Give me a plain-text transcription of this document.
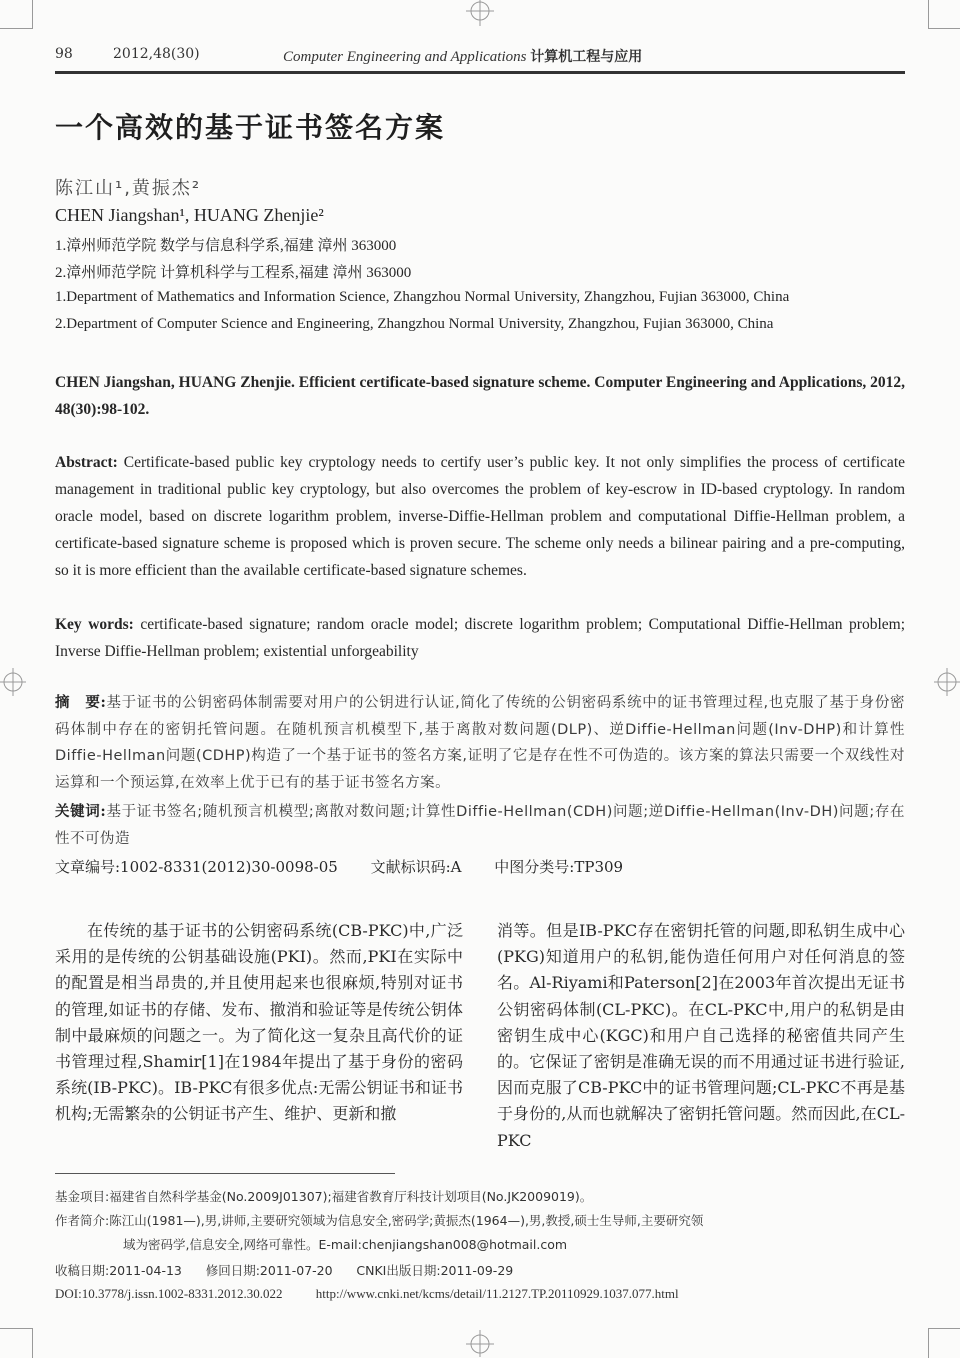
98	2012,48(30)	Computer Engineering and Applications 计算机工程与应用
一个高效的基于证书签名方案
陈江山¹,黄振杰²
CHEN Jiangshan¹, HUANG Zhenjie²
1.漳州师范学院 数学与信息科学系,福建 漳州 363000
2.漳州师范学院 计算机科学与工程系,福建 漳州 363000
1.Department of Mathematics and Information Science, Zhangzhou Normal University, Zhangzhou, Fujian 363000, China
2.Department of Computer Science and Engineering, Zhangzhou Normal University, Zhangzhou, Fujian 363000, China
CHEN Jiangshan, HUANG Zhenjie. Efficient certificate-based signature scheme. Computer Engineering and Applications, 2012, 48(30):98-102.
Abstract: Certificate-based public key cryptology needs to certify user’s public key. It not only simplifies the process of certificate management in traditional public key cryptology, but also overcomes the problem of key-escrow in ID-based cryptology. In random oracle model, based on discrete logarithm problem, inverse-Diffie-Hellman problem and computational Diffie-Hellman problem, a certificate-based signature scheme is proposed which is proven secure. The scheme only needs a bilinear pairing and a pre-computing, so it is more efficient than the available certificate-based signature schemes.
Key words: certificate-based signature; random oracle model; discrete logarithm problem; Computational Diffie-Hellman problem; Inverse Diffie-Hellman problem; existential unforgeability
摘　要:基于证书的公钥密码体制需要对用户的公钥进行认证,简化了传统的公钥密码系统中的证书管理过程,也克服了基于身份密码体制中存在的密钥托管问题。在随机预言机模型下,基于离散对数问题(DLP)、逆Diffie-Hellman问题(Inv-DHP)和计算性Diffie-Hellman问题(CDHP)构造了一个基于证书的签名方案,证明了它是存在性不可伪造的。该方案的算法只需要一个双线性对运算和一个预运算,在效率上优于已有的基于证书签名方案。
关键词:基于证书签名;随机预言机模型;离散对数问题;计算性Diffie-Hellman(CDH)问题;逆Diffie-Hellman(Inv-DH)问题;存在性不可伪造
文章编号:1002-8331(2012)30-0098-05 文献标识码:A 中图分类号:TP309
在传统的基于证书的公钥密码系统(CB-PKC)中,广泛采用的是传统的公钥基础设施(PKI)。然而,PKI在实际中的配置是相当昂贵的,并且使用起来也很麻烦,特别对证书的管理,如证书的存储、发布、撤消和验证等是传统公钥体制中最麻烦的问题之一。为了简化这一复杂且高代价的证书管理过程,Shamir[1]在1984年提出了基于身份的密码系统(IB-PKC)。IB-PKC有很多优点:无需公钥证书和证书机构;无需繁杂的公钥证书产生、维护、更新和撤
消等。但是IB-PKC存在密钥托管的问题,即私钥生成中心(PKG)知道用户的私钥,能伪造任何用户对任何消息的签名。Al-Riyami和Paterson[2]在2003年首次提出无证书公钥密码体制(CL-PKC)。在CL-PKC中,用户的私钥是由密钥生成中心(KGC)和用户自己选择的秘密值共同产生的。它保证了密钥是准确无误的而不用通过证书进行验证,因而克服了CB-PKC中的证书管理问题;CL-PKC不再是基于身份的,从而也就解决了密钥托管问题。然而因此,在CL-PKC
基金项目:福建省自然科学基金(No.2009J01307);福建省教育厅科技计划项目(No.JK2009019)。
作者简介:陈江山(1981—),男,讲师,主要研究领域为信息安全,密码学;黄振杰(1964—),男,教授,硕士生导师,主要研究领
域为密码学,信息安全,网络可靠性。E-mail:chenjiangshan008@hotmail.com
收稿日期:2011-04-13 修回日期:2011-07-20 CNKI出版日期:2011-09-29
DOI:10.3778/j.issn.1002-8331.2012.30.022	http://www.cnki.net/kcms/detail/11.2127.TP.20110929.1037.077.html
